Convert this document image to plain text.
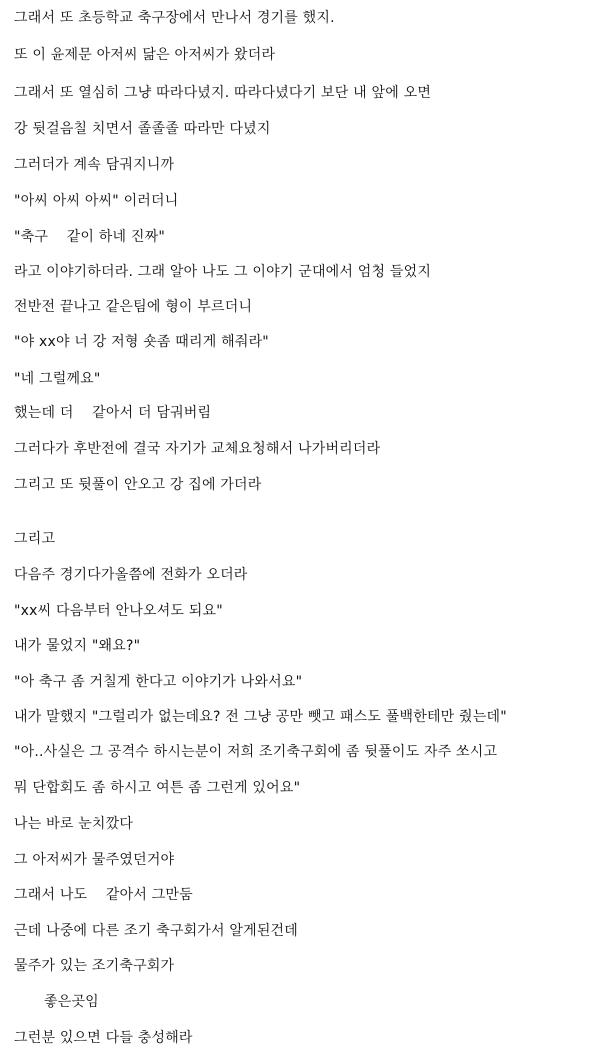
그래서 또 초등학교 축구장에서 만나서 경기를 했지.
또 이 윤제문 아저씨 닮은 아저씨가 왔더라
그래서 또 열심히 그냥 따라다녔지. 따라다녔다기 보단 내 앞에 오면
강 뒷걸음칠 치면서 졸졸졸 따라만 다녔지
그러더가 계속 담궈지니까
"아씨 아씨 아씨" 이러더니
"축구    같이 하네 진짜"
라고 이야기하더라. 그래 알아 나도 그 이야기 군대에서 엄청 들었지
전반전 끝나고 같은팀에 형이 부르더니
"야 xx야 너 강 저형 숏좀 때리게 해줘라"
"네 그럴께요"
했는데 더    같아서 더 담궈버림
그러다가 후반전에 결국 자기가 교체요청해서 나가버리더라
그리고 또 뒷풀이 안오고 강 집에 가더라
그리고
다음주 경기다가올쯤에 전화가 오더라
"xx씨 다음부터 안나오셔도 되요"
내가 물었지 "왜요?"
"아 축구 좀 거칠게 한다고 이야기가 나와서요"
내가 말했지 "그럴리가 없는데요? 전 그냥 공만 뺏고 패스도 풀백한테만 줬는데"
"아..사실은 그 공격수 하시는분이 저희 조기축구회에 좀 뒷풀이도 자주 쏘시고
뭐 단합회도 좀 하시고 여튼 좀 그런게 있어요"
나는 바로 눈치깠다
그 아저씨가 물주였던거야
그래서 나도    같아서 그만둠
근데 나중에 다른 조기 축구회가서 알게된건데
물주가 있는 조기축구회가
좋은곳임
그런분 있으면 다들 충성해라
